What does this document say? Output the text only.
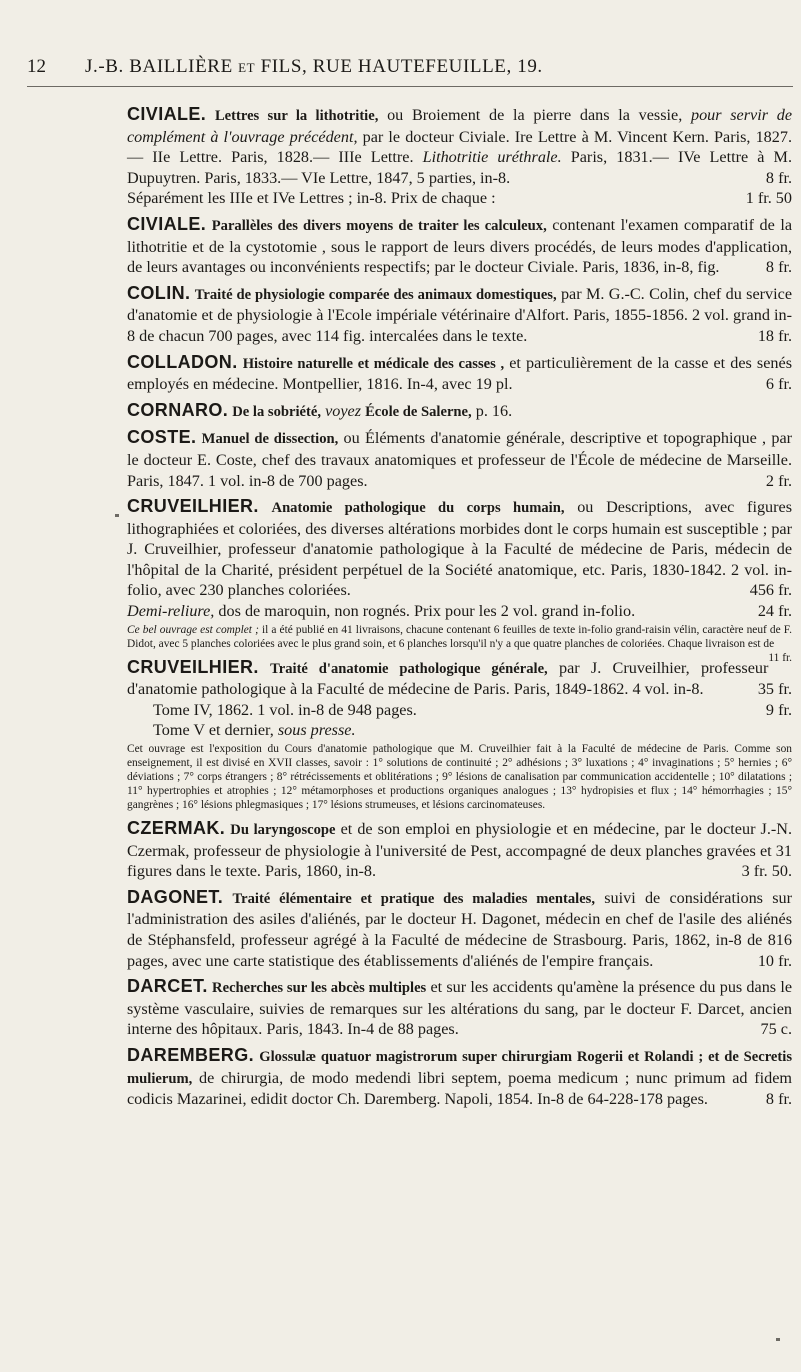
12 J.-B. BAILLIÈRE et FILS, RUE HAUTEFEUILLE, 19.
CIVIALE. Lettres sur la lithotritie, ou Broiement de la pierre dans la vessie, pour servir de complément à l'ouvrage précédent, par le docteur Civiale. Ire Lettre à M. Vincent Kern. Paris, 1827.— IIe Lettre. Paris, 1828.— IIIe Lettre. Lithotritie uréthrale. Paris, 1831.— IVe Lettre à M. Dupuytren. Paris, 1833.— VIe Lettre, 1847, 5 parties, in-8.	8 fr.

Séparément les IIIe et IVe Lettres ; in-8. Prix de chaque :	1 fr. 50
CIVIALE. Parallèles des divers moyens de traiter les calculeux, contenant l'examen comparatif de la lithotritie et de la cystotomie , sous le rapport de leurs divers procédés, de leurs modes d'application, de leurs avantages ou inconvénients respectifs; par le docteur Civiale. Paris, 1836, in-8, fig.	8 fr.
COLIN. Traité de physiologie comparée des animaux domestiques, par M. G.-C. Colin, chef du service d'anatomie et de physiologie à l'Ecole impériale vétérinaire d'Alfort. Paris, 1855-1856. 2 vol. grand in-8 de chacun 700 pages, avec 114 fig. intercalées dans le texte.	18 fr.
COLLADON. Histoire naturelle et médicale des casses , et particulièrement de la casse et des senés employés en médecine. Montpellier, 1816. In-4, avec 19 pl.	6 fr.
CORNARO. De la sobriété, voyez École de Salerne, p. 16.
COSTE. Manuel de dissection, ou Éléments d'anatomie générale, descriptive et topographique , par le docteur E. Coste, chef des travaux anatomiques et professeur de l'École de médecine de Marseille. Paris, 1847. 1 vol. in-8 de 700 pages.	2 fr.
CRUVEILHIER. Anatomie pathologique du corps humain, ou Descriptions, avec figures lithographiées et coloriées, des diverses altérations morbides dont le corps humain est susceptible ; par J. Cruveilhier, professeur d'anatomie pathologique à la Faculté de médecine de Paris, médecin de l'hôpital de la Charité, président perpétuel de la Société anatomique, etc. Paris, 1830-1842. 2 vol. in-folio, avec 230 planches coloriées.	456 fr.

Demi-reliure, dos de maroquin, non rognés. Prix pour les 2 vol. grand in-folio.	24 fr.
Ce bel ouvrage est complet ; il a été publié en 41 livraisons, chacune contenant 6 feuilles de texte in-folio grand-raisin vélin, caractère neuf de F. Didot, avec 5 planches coloriées avec le plus grand soin, et 6 planches lorsqu'il n'y a que quatre planches de coloriées. Chaque livraison est de
11 fr.
CRUVEILHIER. Traité d'anatomie pathologique générale, par J. Cruveilhier, professeur d'anatomie pathologique à la Faculté de médecine de Paris. Paris, 1849-1862. 4 vol. in-8.	35 fr.
Tome IV, 1862. 1 vol. in-8 de 948 pages.	9 fr.
Tome V et dernier, sous presse.
Cet ouvrage est l'exposition du Cours d'anatomie pathologique que M. Cruveilhier fait à la Faculté de médecine de Paris. Comme son enseignement, il est divisé en XVII classes, savoir : 1° solutions de continuité ; 2° adhésions ; 3° luxations ; 4° invaginations ; 5° hernies ; 6° déviations ; 7° corps étrangers ; 8° rétrécissements et oblitérations ; 9° lésions de canalisation par communication accidentelle ; 10° dilatations ; 11° hypertrophies et atrophies ; 12° métamorphoses et productions organiques analogues ; 13° hydropisies et flux ; 14° hémorrhagies ; 15° gangrènes ; 16° lésions phlegmasiques ; 17° lésions strumeuses, et lésions carcinomateuses.
CZERMAK. Du laryngoscope et de son emploi en physiologie et en médecine, par le docteur J.-N. Czermak, professeur de physiologie à l'université de Pest, accompagné de deux planches gravées et 31 figures dans le texte. Paris, 1860, in-8.	3 fr. 50.
DAGONET. Traité élémentaire et pratique des maladies mentales, suivi de considérations sur l'administration des asiles d'aliénés, par le docteur H. Dagonet, médecin en chef de l'asile des aliénés de Stéphansfeld, professeur agrégé à la Faculté de médecine de Strasbourg. Paris, 1862, in-8 de 816 pages, avec une carte statistique des établissements d'aliénés de l'empire français.	10 fr.
DARCET. Recherches sur les abcès multiples et sur les accidents qu'amène la présence du pus dans le système vasculaire, suivies de remarques sur les altérations du sang, par le docteur F. Darcet, ancien interne des hôpitaux. Paris, 1843. In-4 de 88 pages.	75 c.
DAREMBERG. Glossulæ quatuor magistrorum super chirurgiam Rogerii et Rolandi ; et de Secretis mulierum, de chirurgia, de modo medendi libri septem, poema medicum ; nunc primum ad fidem codicis Mazarinei, edidit doctor Ch. Daremberg. Napoli, 1854. In-8 de 64-228-178 pages.	8 fr.
